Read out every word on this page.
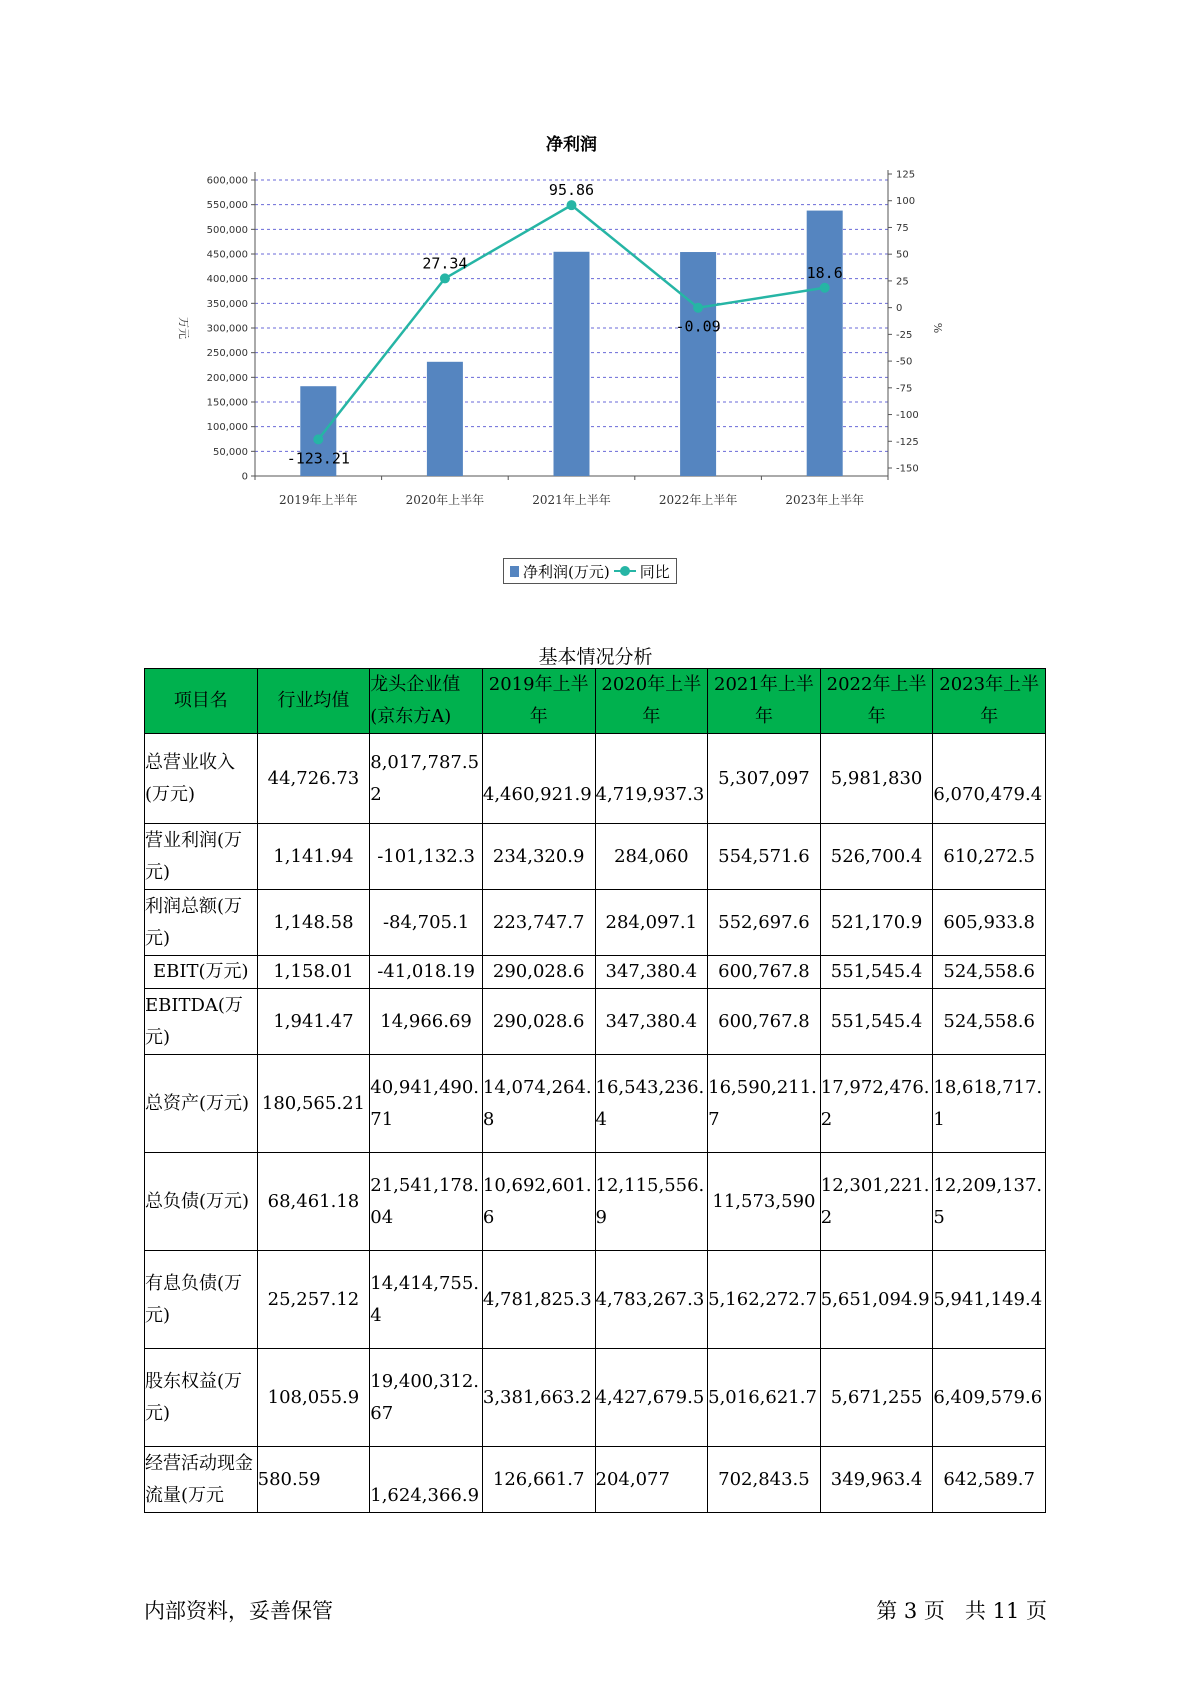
净利润
0
50,000
100,000
150,000
200,000
250,000
300,000
350,000
400,000
450,000
500,000
550,000
600,000
-150
-125
-100
-75
-50
-25
0
25
50
75
100
125
万元	%
2019年上半年	2020年上半年	2021年上半年	2022年上半年	2023年上半年
-123.21
27.34
95.86
-0.09
18.6
净利润(万元) 同比
基本情况分析
项目名	行业均值	龙头企业值(京东方A)	2019年上半年	2020年上半年	2021年上半年	2022年上半年	2023年上半年
总营业收入(万元)	44,726.73	8,017,787.52	4,460,921.9	4,719,937.3	5,307,097	5,981,830	6,070,479.4
营业利润(万元)	1,141.94	-101,132.3	234,320.9	284,060	554,571.6	526,700.4	610,272.5
利润总额(万元)	1,148.58	-84,705.1	223,747.7	284,097.1	552,697.6	521,170.9	605,933.8
EBIT(万元)	1,158.01	-41,018.19	290,028.6	347,380.4	600,767.8	551,545.4	524,558.6
EBITDA(万元)	1,941.47	14,966.69	290,028.6	347,380.4	600,767.8	551,545.4	524,558.6
总资产(万元)	180,565.21	40,941,490.71	14,074,264.8	16,543,236.4	16,590,211.7	17,972,476.2	18,618,717.1
总负债(万元)	68,461.18	21,541,178.04	10,692,601.6	12,115,556.9	11,573,590	12,301,221.2	12,209,137.5
有息负债(万元)	25,257.12	14,414,755.4	4,781,825.3	4,783,267.3	5,162,272.7	5,651,094.9	5,941,149.4
股东权益(万元)	108,055.9	19,400,312.67	3,381,663.2	4,427,679.5	5,016,621.7	5,671,255	6,409,579.6
经营活动现金流量(万元	580.59	1,624,366.9	126,661.7	204,077	702,843.5	349,963.4	642,589.7
内部资料，妥善保管	第 3 页   共 11 页
